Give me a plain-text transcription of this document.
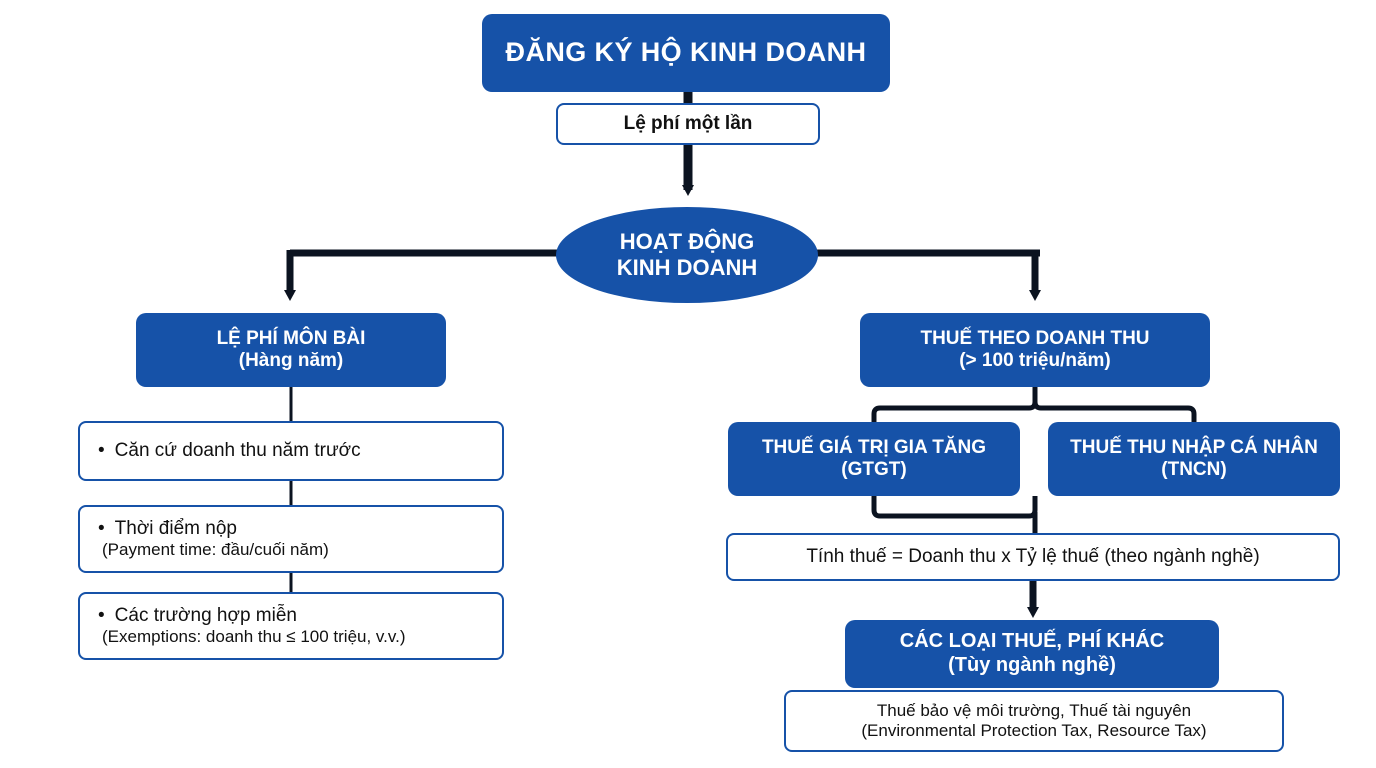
ĐĂNG KÝ HỘ KINH DOANH
Lệ phí một lần
HOẠT ĐỘNG
KINH DOANH
LỆ PHÍ MÔN BÀI
(Hàng năm)
THUẾ THEO DOANH THU
(> 100 triệu/năm)
• Căn cứ doanh thu năm trước
• Thời điểm nộp
(Payment time: đầu/cuối năm)
• Các trường hợp miễn
(Exemptions: doanh thu ≤ 100 triệu, v.v.)
THUẾ GIÁ TRỊ GIA TĂNG
(GTGT)
THUẾ THU NHẬP CÁ NHÂN
(TNCN)
Tính thuế = Doanh thu x Tỷ lệ thuế (theo ngành nghề)
CÁC LOẠI THUẾ, PHÍ KHÁC
(Tùy ngành nghề)
Thuế bảo vệ môi trường, Thuế tài nguyên
(Environmental Protection Tax, Resource Tax)
